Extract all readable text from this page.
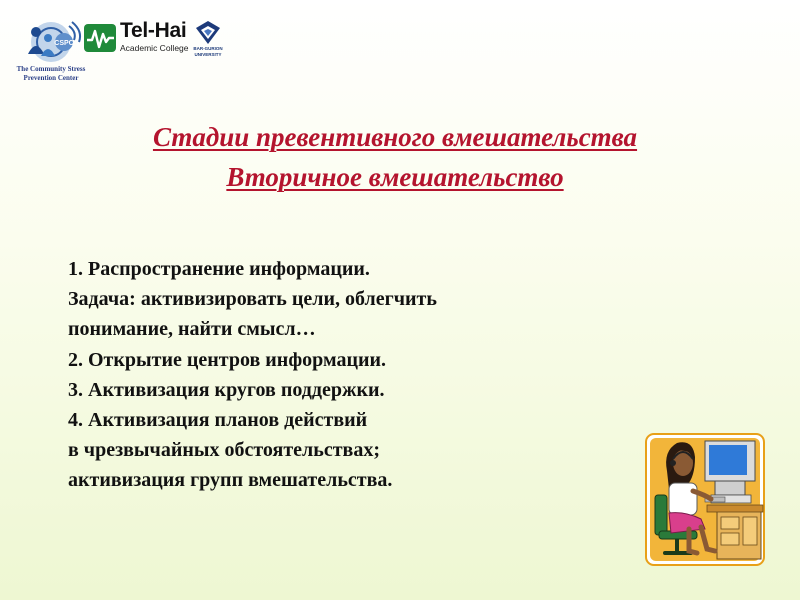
CSPC
The Community Stress
Prevention Center
Tel-Hai
Academic College	BAR-GURION
UNIVERSITY
Стадии превентивного вмешательства
Вторичное вмешательство
1. Распространение информации.
Задача: активизировать цели, облегчить
понимание, найти смысл…
2. Открытие центров информации.
3. Активизация кругов поддержки.
4. Активизация планов действий
в чрезвычайных обстоятельствах;
активизация групп вмешательства.
